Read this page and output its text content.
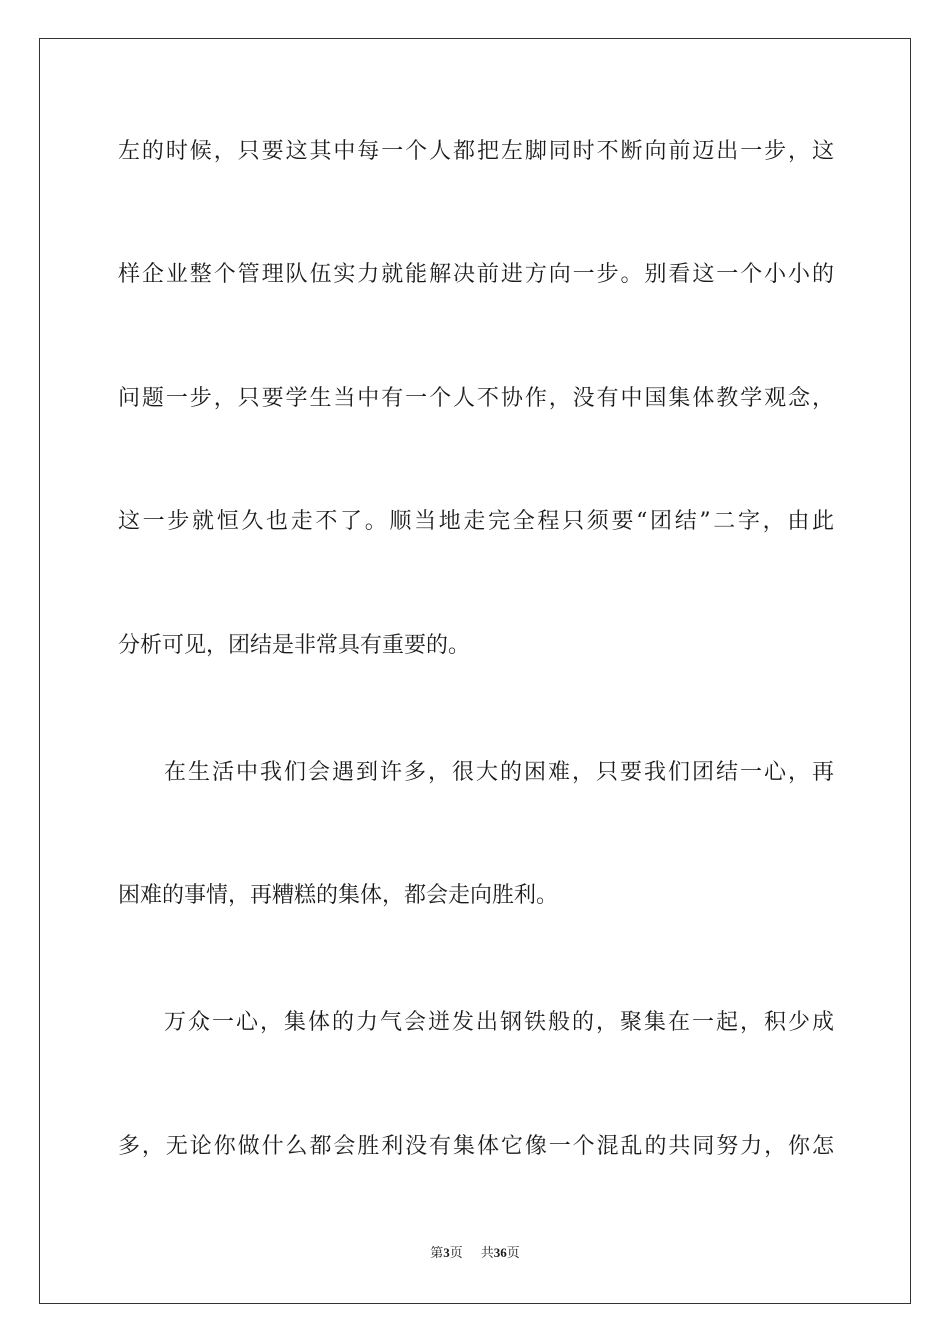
左的时候，只要这其中每一个人都把左脚同时不断向前迈出一步，这
样企业整个管理队伍实力就能解决前进方向一步。别看这一个小小的
问题一步，只要学生当中有一个人不协作，没有中国集体教学观念，
这一步就恒久也走不了。顺当地走完全程只须要“团结”二字，由此
分析可见，团结是非常具有重要的。
在生活中我们会遇到许多，很大的困难，只要我们团结一心，再
困难的事情，再糟糕的集体，都会走向胜利。
万众一心，集体的力气会迸发出钢铁般的，聚集在一起，积少成
多，无论你做什么都会胜利没有集体它像一个混乱的共同努力，你怎
第3页 共36页
